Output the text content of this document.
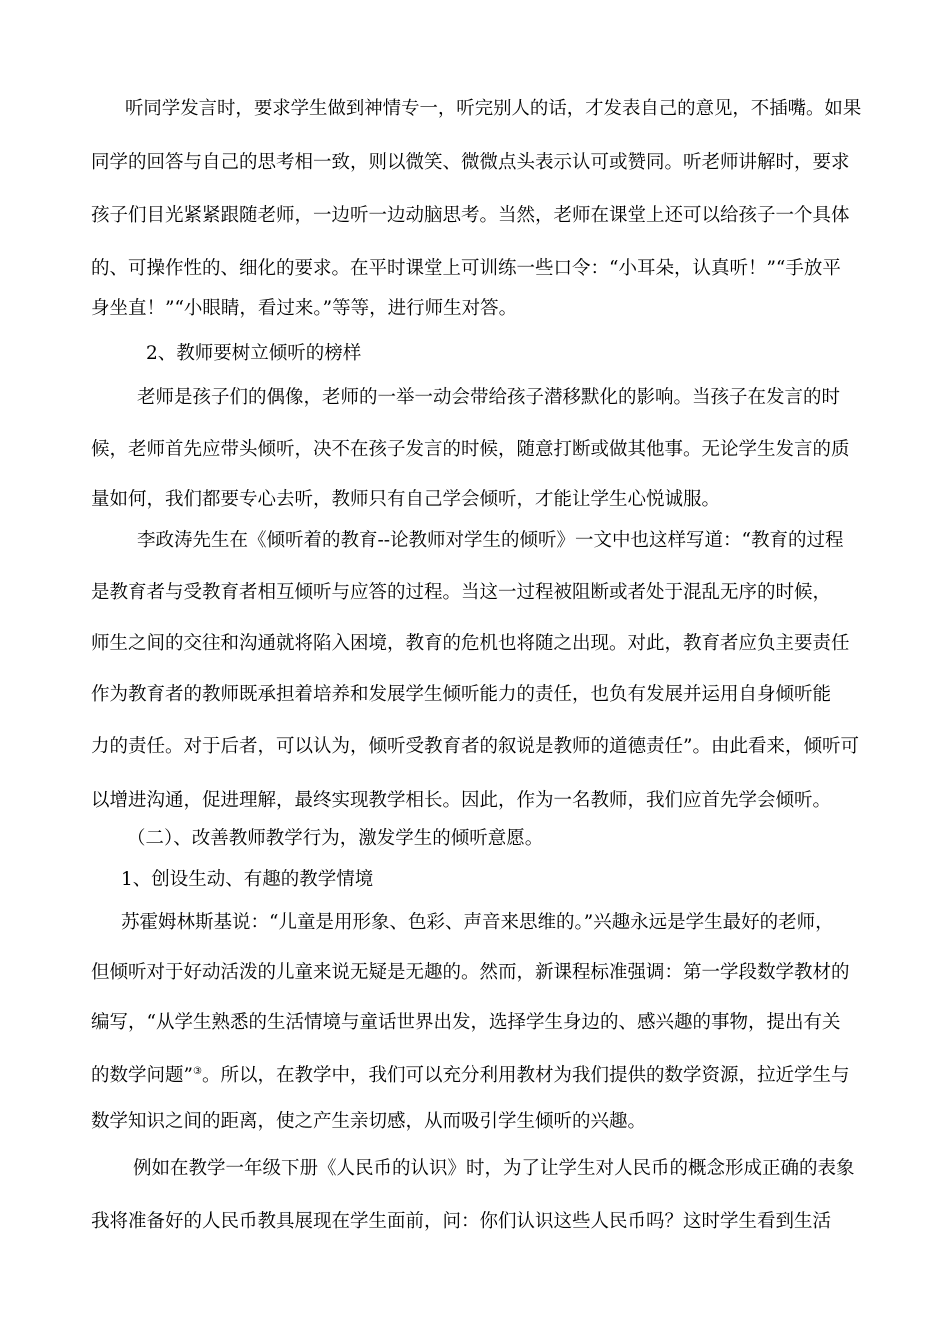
听同学发言时，要求学生做到神情专一，听完别人的话，才发表自己的意见，不插嘴。如果
同学的回答与自己的思考相一致，则以微笑、微微点头表示认可或赞同。听老师讲解时，要求
孩子们目光紧紧跟随老师，一边听一边动脑思考。当然，老师在课堂上还可以给孩子一个具体
的、可操作性的、细化的要求。在平时课堂上可训练一些口令：“小耳朵，认真听！”“手放平
身坐直！”“小眼睛，看过来。”等等，进行师生对答。
2、教师要树立倾听的榜样
老师是孩子们的偶像，老师的一举一动会带给孩子潜移默化的影响。当孩子在发言的时
候，老师首先应带头倾听，决不在孩子发言的时候，随意打断或做其他事。无论学生发言的质
量如何，我们都要专心去听，教师只有自己学会倾听，才能让学生心悦诚服。
李政涛先生在《倾听着的教育--论教师对学生的倾听》一文中也这样写道：“教育的过程
是教育者与受教育者相互倾听与应答的过程。当这一过程被阻断或者处于混乱无序的时候，
师生之间的交往和沟通就将陷入困境，教育的危机也将随之出现。对此，教育者应负主要责任
作为教育者的教师既承担着培养和发展学生倾听能力的责任，也负有发展并运用自身倾听能
力的责任。对于后者，可以认为，倾听受教育者的叙说是教师的道德责任”。由此看来，倾听可
以增进沟通，促进理解，最终实现教学相长。因此，作为一名教师，我们应首先学会倾听。
（二）、改善教师教学行为，激发学生的倾听意愿。
1、创设生动、有趣的教学情境
苏霍姆林斯基说：“儿童是用形象、色彩、声音来思维的。”兴趣永远是学生最好的老师，
但倾听对于好动活泼的儿童来说无疑是无趣的。然而，新课程标准强调：第一学段数学教材的
编写，“从学生熟悉的生活情境与童话世界出发，选择学生身边的、感兴趣的事物，提出有关
的数学问题”③。所以，在教学中，我们可以充分利用教材为我们提供的数学资源，拉近学生与
数学知识之间的距离，使之产生亲切感，从而吸引学生倾听的兴趣。
例如在教学一年级下册《人民币的认识》时，为了让学生对人民币的概念形成正确的表象
我将准备好的人民币教具展现在学生面前，问：你们认识这些人民币吗？这时学生看到生活
